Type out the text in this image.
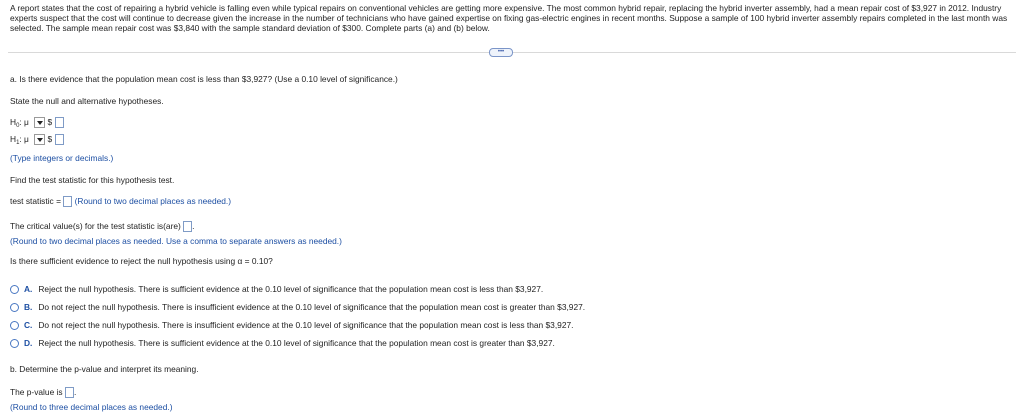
A report states that the cost of repairing a hybrid vehicle is falling even while typical repairs on conventional vehicles are getting more expensive. The most common hybrid repair, replacing the hybrid inverter assembly, had a mean repair cost of $3,927 in 2012. Industry experts suspect that the cost will continue to decrease given the increase in the number of technicians who have gained expertise on fixing gas-electric engines in recent months. Suppose a sample of 100 hybrid inverter assembly repairs completed in the last month was selected. The sample mean repair cost was $3,840 with the sample standard deviation of $300. Complete parts (a) and (b) below.
•••
a. Is there evidence that the population mean cost is less than $3,927? (Use a 0.10 level of significance.)
State the null and alternative hypotheses.
$H_0$: μ $
$H_1$: μ $
(Type integers or decimals.)
Find the test statistic for this hypothesis test.
test statistic = (Round to two decimal places as needed.)
The critical value(s) for the test statistic is(are) .
(Round to two decimal places as needed. Use a comma to separate answers as needed.)
Is there sufficient evidence to reject the null hypothesis using α = 0.10?
A. Reject the null hypothesis. There is sufficient evidence at the 0.10 level of significance that the population mean cost is less than $3,927.
B. Do not reject the null hypothesis. There is insufficient evidence at the 0.10 level of significance that the population mean cost is greater than $3,927.
C. Do not reject the null hypothesis. There is insufficient evidence at the 0.10 level of significance that the population mean cost is less than $3,927.
D. Reject the null hypothesis. There is sufficient evidence at the 0.10 level of significance that the population mean cost is greater than $3,927.
b. Determine the p-value and interpret its meaning.
The p-value is .
(Round to three decimal places as needed.)
